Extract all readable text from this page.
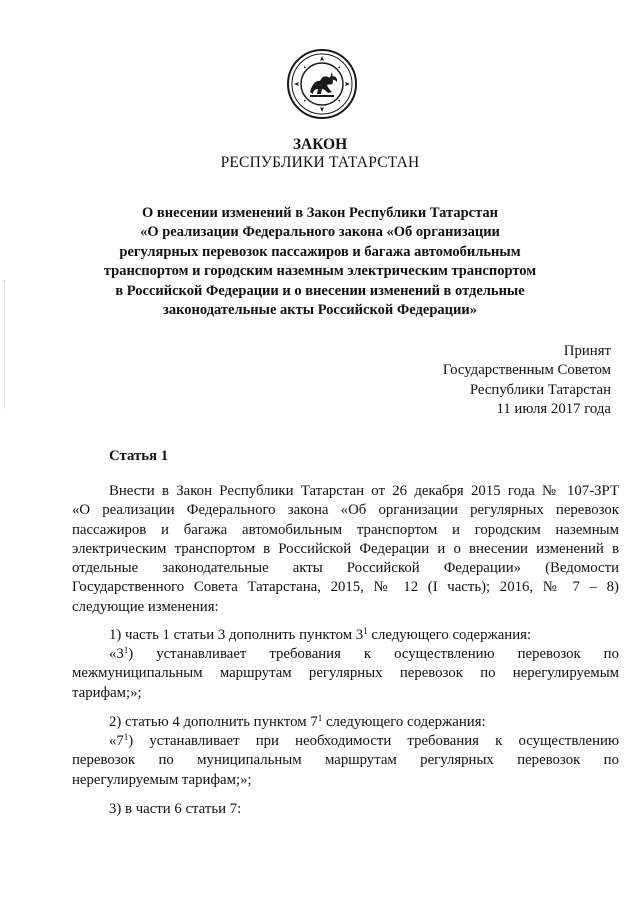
ЗАКОН
РЕСПУБЛИКИ ТАТАРСТАН
О внесении изменений в Закон Республики Татарстан
«О реализации Федерального закона «Об организации
регулярных перевозок пассажиров и багажа автомобильным
транспортом и городским наземным электрическим транспортом
в Российской Федерации и о внесении изменений в отдельные
законодательные акты Российской Федерации»
Принят
Государственным Советом
Республики Татарстан
11 июля 2017 года
Статья 1
Внести в Закон Республики Татарстан от 26 декабря 2015 года № 107-ЗРТ
«О реализации Федерального закона «Об организации регулярных перевозок
пассажиров и багажа автомобильным транспортом и городским наземным
электрическим транспортом в Российской Федерации и о внесении изменений в
отдельные законодательные акты Российской Федерации» (Ведомости
Государственного Совета Татарстана, 2015, № 12 (I часть); 2016, № 7 – 8)
следующие изменения:
1) часть 1 статьи 3 дополнить пунктом $3^1$ следующего содержания:
«$3^1$) устанавливает требования к осуществлению перевозок по
межмуниципальным маршрутам регулярных перевозок по нерегулируемым
тарифам;»;
2) статью 4 дополнить пунктом $7^1$ следующего содержания:
«$7^1$) устанавливает при необходимости требования к осуществлению
перевозок по муниципальным маршрутам регулярных перевозок по
нерегулируемым тарифам;»;
3) в части 6 статьи 7:
